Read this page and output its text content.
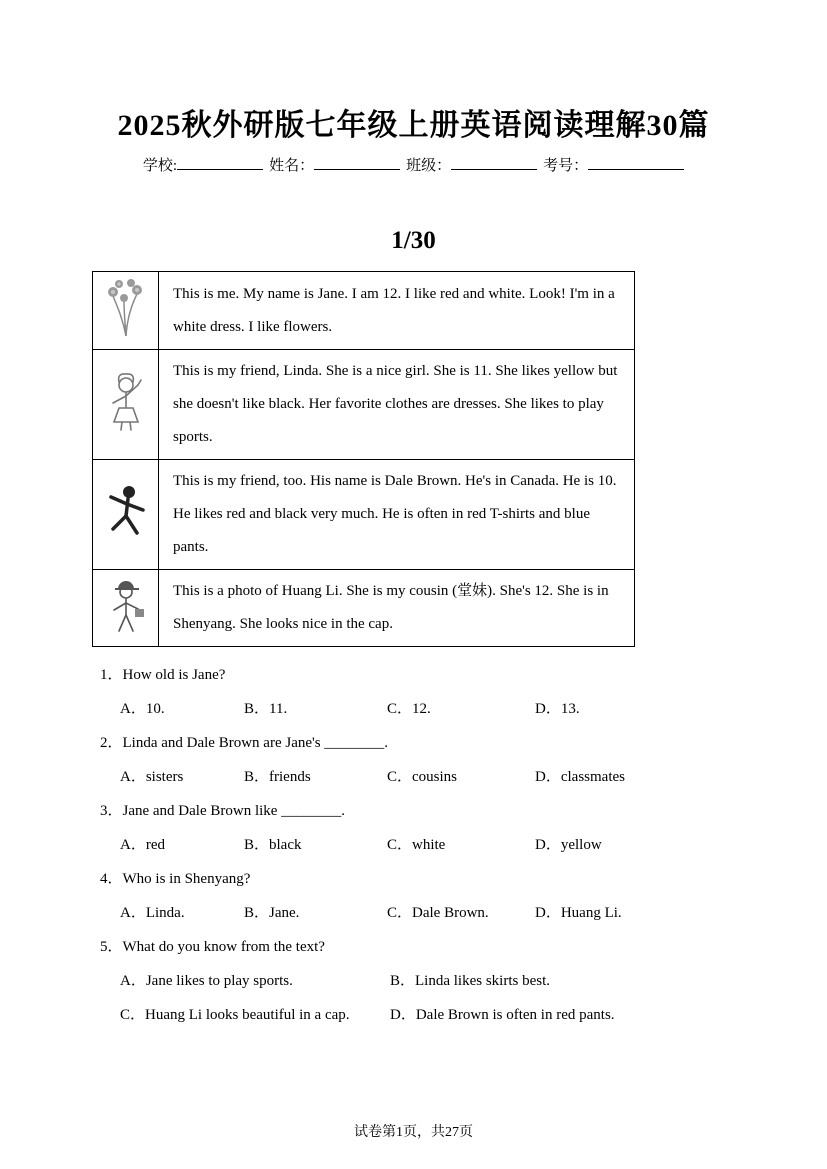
2025秋外研版七年级上册英语阅读理解30篇
学校:	姓名：	班级：	考号：
1/30
	This is me. My name is Jane. I am 12. I like red and white. Look! I'm in a white dress. I like flowers.
	This is my friend, Linda. She is a nice girl. She is 11. She likes yellow but she doesn't like black. Her favorite clothes are dresses. She likes to play sports.
	This is my friend, too. His name is Dale Brown. He's in Canada. He is 10. He likes red and black very much. He is often in red T-shirts and blue pants.
	This is a photo of Huang Li. She is my cousin (堂妹). She's 12. She is in Shenyang. She looks nice in the cap.
1．How old is Jane?
A．10.	B．11.	C．12.	D．13.
2．Linda and Dale Brown are Jane's ________.
A．sisters	B．friends	C．cousins	D．classmates
3．Jane and Dale Brown like ________.
A．red	B．black	C．white	D．yellow
4．Who is in Shenyang?
A．Linda.	B．Jane.	C．Dale Brown.	D．Huang Li.
5．What do you know from the text?
A．Jane likes to play sports.	B．Linda likes skirts best.
C．Huang Li looks beautiful in a cap.	D．Dale Brown is often in red pants.
试卷第1页，共27页
